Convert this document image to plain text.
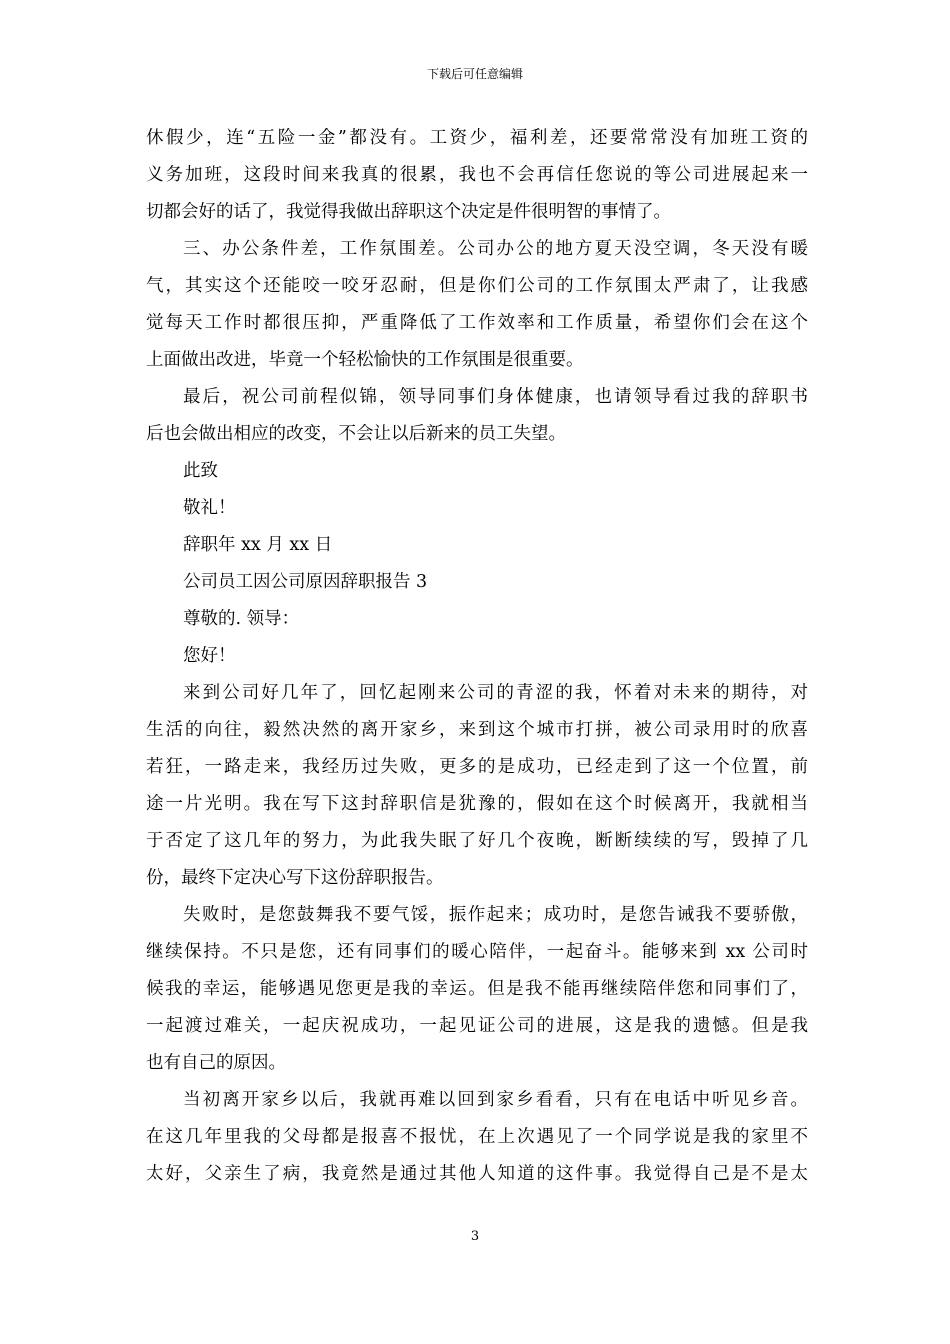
下载后可任意编辑
休假少，连“五险一金”都没有。工资少，福利差，还要常常没有加班工资的
义务加班，这段时间来我真的很累，我也不会再信任您说的等公司进展起来一
切都会好的话了，我觉得我做出辞职这个决定是件很明智的事情了。
三、办公条件差，工作氛围差。公司办公的地方夏天没空调，冬天没有暖
气，其实这个还能咬一咬牙忍耐，但是你们公司的工作氛围太严肃了，让我感
觉每天工作时都很压抑，严重降低了工作效率和工作质量，希望你们会在这个
上面做出改进，毕竟一个轻松愉快的工作氛围是很重要。
最后，祝公司前程似锦，领导同事们身体健康，也请领导看过我的辞职书
后也会做出相应的改变，不会让以后新来的员工失望。
此致
敬礼！
辞职年 xx 月 xx 日
公司员工因公司原因辞职报告 3
尊敬的. 领导：
您好！
来到公司好几年了，回忆起刚来公司的青涩的我，怀着对未来的期待，对
生活的向往，毅然决然的离开家乡，来到这个城市打拼，被公司录用时的欣喜
若狂，一路走来，我经历过失败，更多的是成功，已经走到了这一个位置，前
途一片光明。我在写下这封辞职信是犹豫的，假如在这个时候离开，我就相当
于否定了这几年的努力，为此我失眠了好几个夜晚，断断续续的写，毁掉了几
份，最终下定决心写下这份辞职报告。
失败时，是您鼓舞我不要气馁，振作起来；成功时，是您告诫我不要骄傲，
继续保持。不只是您，还有同事们的暖心陪伴，一起奋斗。能够来到 xx 公司时
候我的幸运，能够遇见您更是我的幸运。但是我不能再继续陪伴您和同事们了，
一起渡过难关，一起庆祝成功，一起见证公司的进展，这是我的遗憾。但是我
也有自己的原因。
当初离开家乡以后，我就再难以回到家乡看看，只有在电话中听见乡音。
在这几年里我的父母都是报喜不报忧，在上次遇见了一个同学说是我的家里不
太好，父亲生了病，我竟然是通过其他人知道的这件事。我觉得自己是不是太
3
